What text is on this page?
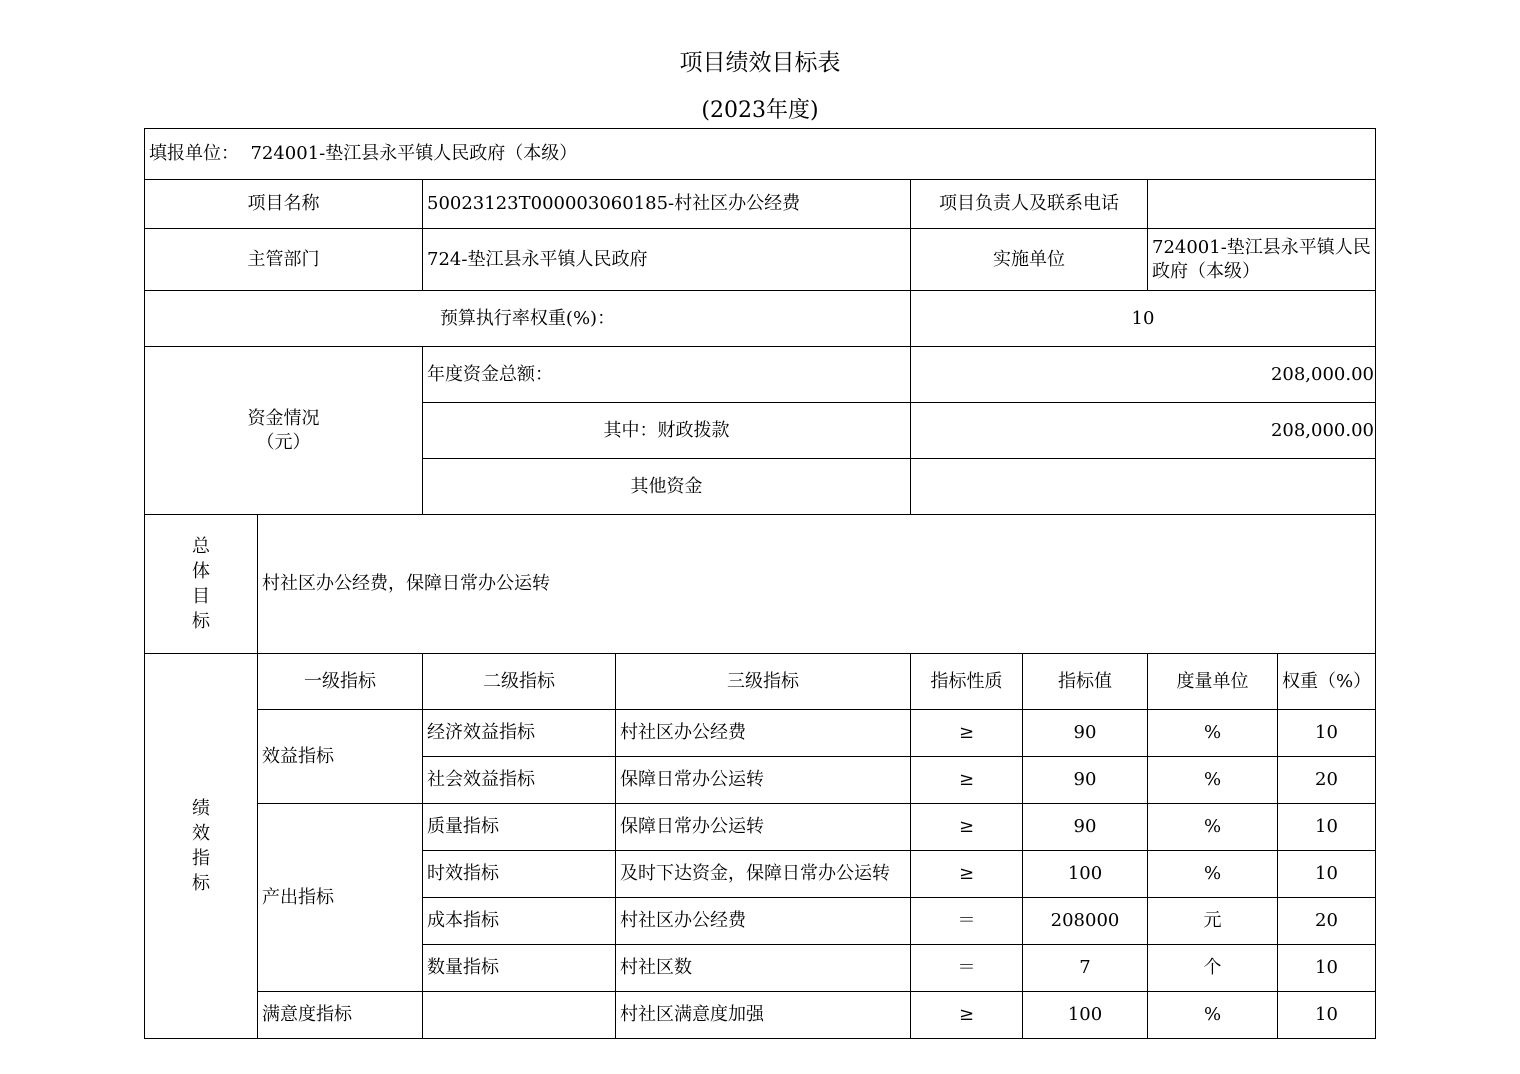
项目绩效目标表
(2023年度)
填报单位： 724001-垫江县永平镇人民政府（本级）							
项目名称		50023123T000003060185-村社区办公经费		项目负责人及联系电话			
主管部门		724-垫江县永平镇人民政府		实施单位		724001-垫江县永平镇人民政府（本级）	
预算执行率权重(%)：				10			
资金情况（元）		年度资金总额：		208,000.00			
		其中：财政拨款		208,000.00			
		其他资金					
总体目标	村社区办公经费，保障日常办公运转						
绩效指标	一级指标	二级指标	三级指标	指标性质	指标值	度量单位	权重（%）
	效益指标	经济效益指标	村社区办公经费	≥	90	%	10
		社会效益指标	保障日常办公运转	≥	90	%	20
	产出指标	质量指标	保障日常办公运转	≥	90	%	10
		时效指标	及时下达资金，保障日常办公运转	≥	100	%	10
		成本指标	村社区办公经费	＝	208000	元	20
		数量指标	村社区数	＝	7	个	10
	满意度指标		村社区满意度加强	≥	100	%	10
